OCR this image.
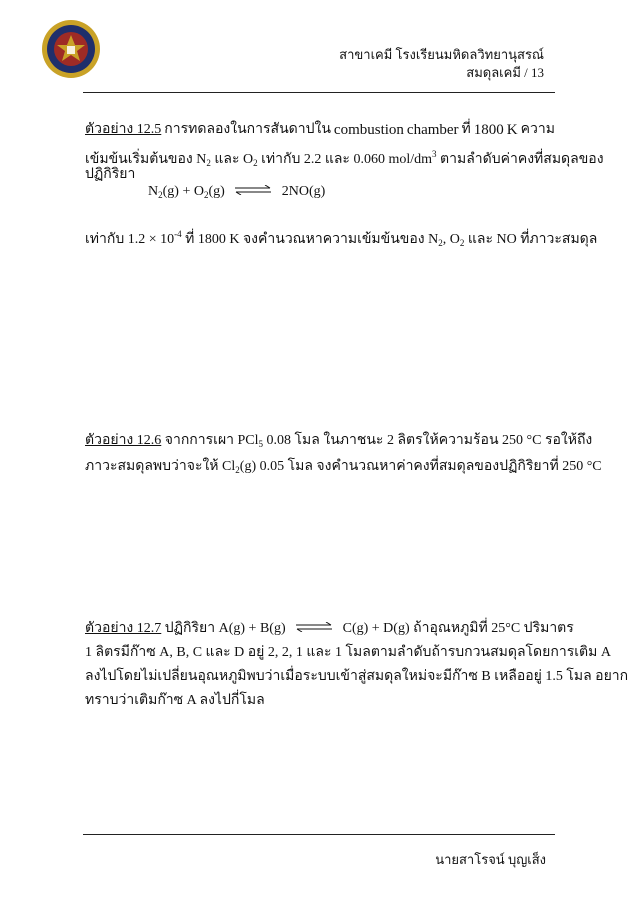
สาขาเคมี โรงเรียนมหิดลวิทยานุสรณ์
สมดุลเคมี / 13
ตัวอย่าง 12.5 การทดลองในการสันดาปใน combustion chamber ที่ 1800 K ความ
เข้มข้นเริ่มต้นของ $N_2$ และ $O_2$ เท่ากับ 2.2 และ 0.060 mol/$dm^3$ ตามลำดับค่าคงที่สมดุลของ
ปฏิกิริยา
$N_2(g) + O_2(g)$ ⇌ 2NO(g)
เท่ากับ $1.2 \times 10^{-4}$ ที่ 1800 K จงคำนวณหาความเข้มข้นของ $N_2$, $O_2$ และ NO ที่ภาวะสมดุล
ตัวอย่าง 12.6 จากการเผา PCl$_5$ 0.08 โมล ในภาชนะ 2 ลิตรให้ความร้อน 250 °C รอให้ถึง
ภาวะสมดุลพบว่าจะให้ $Cl_2(g)$ 0.05 โมล จงคำนวณหาค่าคงที่สมดุลของปฏิกิริยาที่ 250 °C
ตัวอย่าง 12.7 ปฏิกิริยา A(g) + B(g) ⇌ C(g) + D(g) ถ้าอุณหภูมิที่ 25°C ปริมาตร
1 ลิตรมีก๊าซ A, B, C และ D อยู่ 2, 2, 1 และ 1 โมลตามลำดับถ้ารบกวนสมดุลโดยการเติม A
ลงไปโดยไม่เปลี่ยนอุณหภูมิพบว่าเมื่อระบบเข้าสู่สมดุลใหม่จะมีก๊าซ B เหลืออยู่ 1.5 โมล อยาก
ทราบว่าเติมก๊าซ A ลงไปกี่โมล
นายสาโรจน์ บุญเส็ง
